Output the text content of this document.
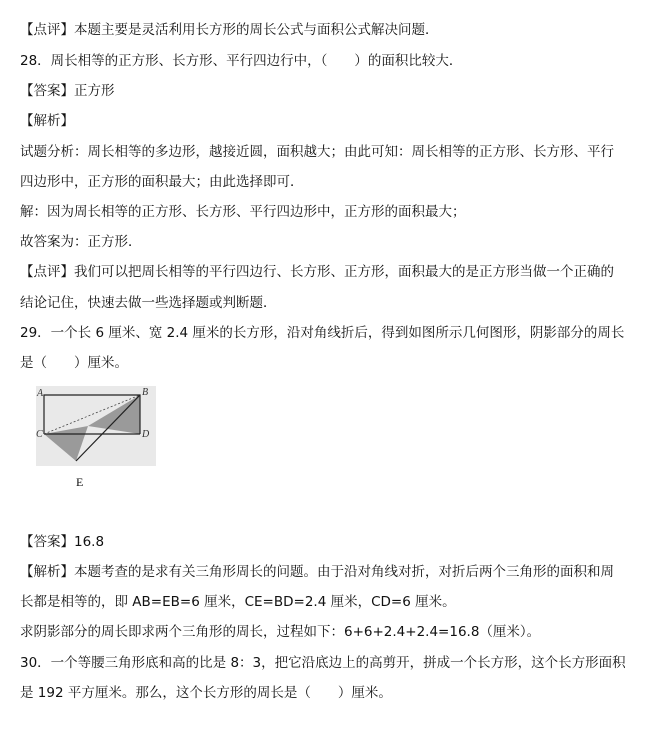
【点评】本题主要是灵活利用长方形的周长公式与面积公式解决问题．
28．周长相等的正方形、长方形、平行四边行中，（　　）的面积比较大．
【答案】正方形
【解析】
试题分析：周长相等的多边形，越接近圆，面积越大；由此可知：周长相等的正方形、长方形、平行
四边形中，正方形的面积最大；由此选择即可．
解：因为周长相等的正方形、长方形、平行四边形中，正方形的面积最大；
故答案为：正方形．
【点评】我们可以把周长相等的平行四边行、长方形、正方形，面积最大的是正方形当做一个正确的
结论记住，快速去做一些选择题或判断题．
29．一个长 6 厘米、宽 2.4 厘米的长方形，沿对角线折后，得到如图所示几何图形，阴影部分的周长
是（　　）厘米。
A	B
C	D
E
【答案】16.8
【解析】本题考查的是求有关三角形周长的问题。由于沿对角线对折，对折后两个三角形的面积和周
长都是相等的，即 AB=EB=6 厘米，CE=BD=2.4 厘米，CD=6 厘米。
求阴影部分的周长即求两个三角形的周长，过程如下：6+6+2.4+2.4=16.8（厘米）。
30．一个等腰三角形底和高的比是 8：3，把它沿底边上的高剪开，拼成一个长方形，这个长方形面积
是 192 平方厘米。那么，这个长方形的周长是（　　）厘米。
